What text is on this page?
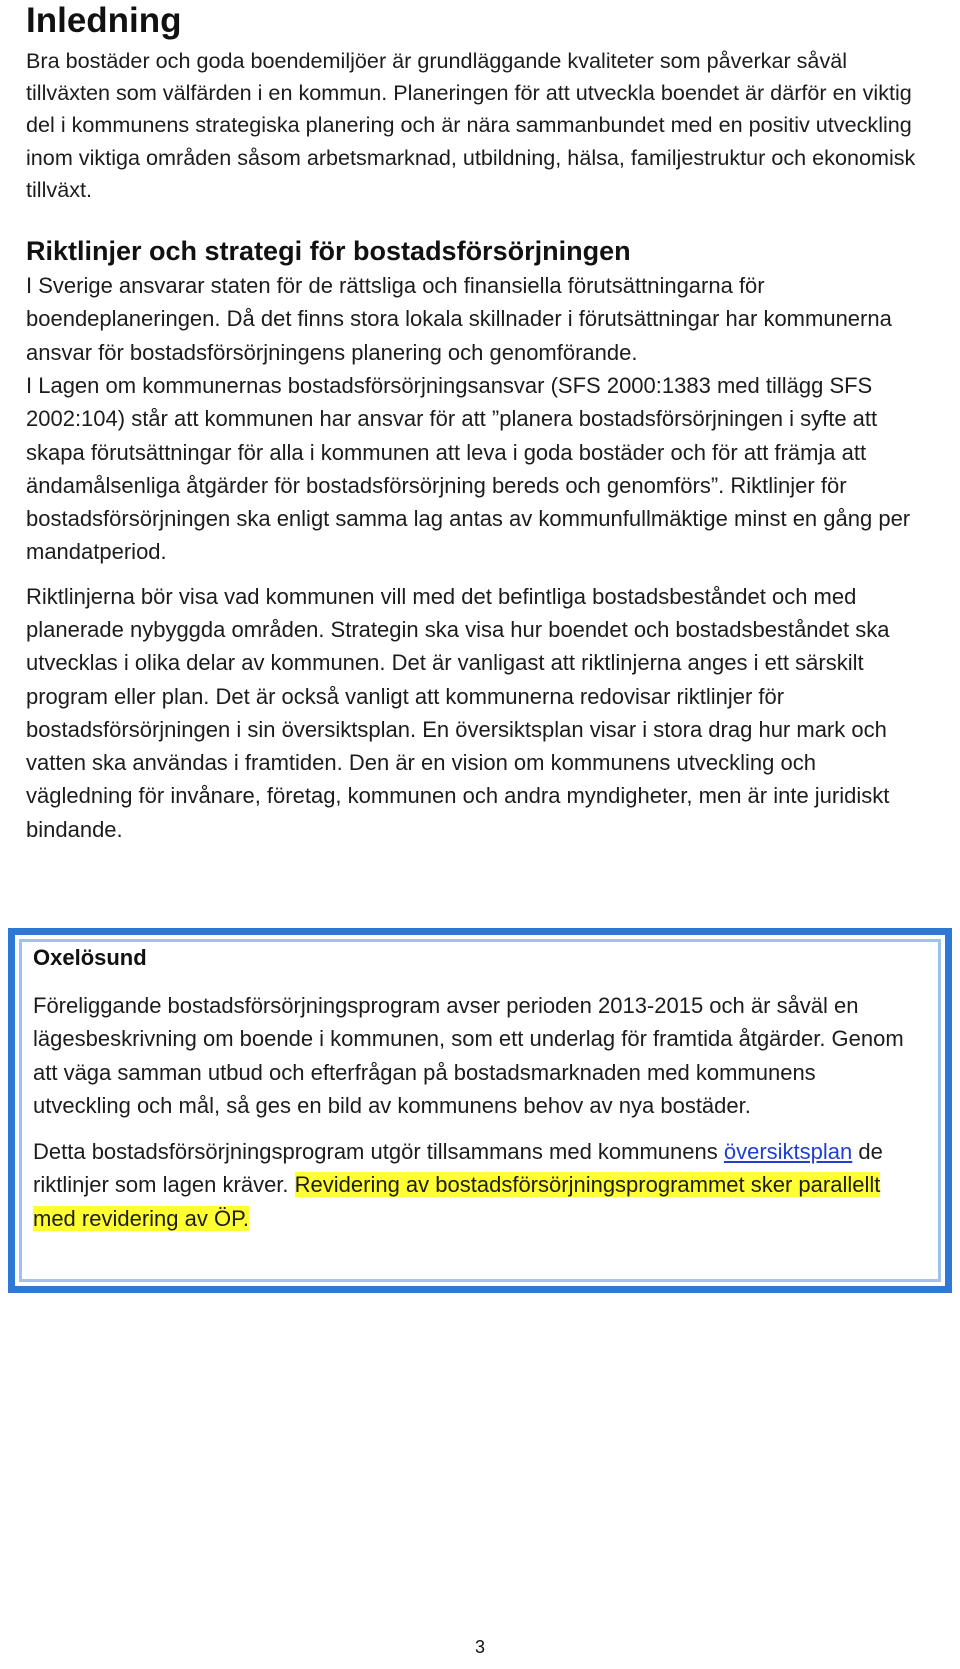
Inledning

Bra bostäder och goda boendemiljöer är grundläggande kvaliteter som påverkar såväl tillväxten som välfärden i en kommun. Planeringen för att utveckla boendet är därför en viktig del i kommunens strategiska planering och är nära sammanbundet med en positiv utveckling inom viktiga områden såsom arbetsmarknad, utbildning, hälsa, familjestruktur och ekonomisk tillväxt.

Riktlinjer och strategi för bostadsförsörjningen

I Sverige ansvarar staten för de rättsliga och finansiella förutsättningarna för boendeplaneringen. Då det finns stora lokala skillnader i förutsättningar har kommunerna ansvar för bostadsförsörjningens planering och genomförande.

I Lagen om kommunernas bostadsförsörjningsansvar (SFS 2000:1383 med tillägg SFS 2002:104) står att kommunen har ansvar för att ”planera bostadsförsörjningen i syfte att skapa förutsättningar för alla i kommunen att leva i goda bostäder och för att främja att ändamålsenliga åtgärder för bostadsförsörjning bereds och genomförs”. Riktlinjer för bostadsförsörjningen ska enligt samma lag antas av kommunfullmäktige minst en gång per mandatperiod.

Riktlinjerna bör visa vad kommunen vill med det befintliga bostadsbeståndet och med planerade nybyggda områden. Strategin ska visa hur boendet och bostadsbeståndet ska utvecklas i olika delar av kommunen. Det är vanligast att riktlinjerna anges i ett särskilt program eller plan. Det är också vanligt att kommunerna redovisar riktlinjer för bostadsförsörjningen i sin översiktsplan. En översiktsplan visar i stora drag hur mark och vatten ska användas i framtiden. Den är en vision om kommunens utveckling och vägledning för invånare, företag, kommunen och andra myndigheter, men är inte juridiskt bindande.

Oxelösund

Föreliggande bostadsförsörjningsprogram avser perioden 2013-2015 och är såväl en lägesbeskrivning om boende i kommunen, som ett underlag för framtida åtgärder. Genom att väga samman utbud och efterfrågan på bostadsmarknaden med kommunens utveckling och mål, så ges en bild av kommunens behov av nya bostäder.

Detta bostadsförsörjningsprogram utgör tillsammans med kommunens översiktsplan de riktlinjer som lagen kräver. Revidering av bostadsförsörjningsprogrammet sker parallellt med revidering av ÖP.

3
